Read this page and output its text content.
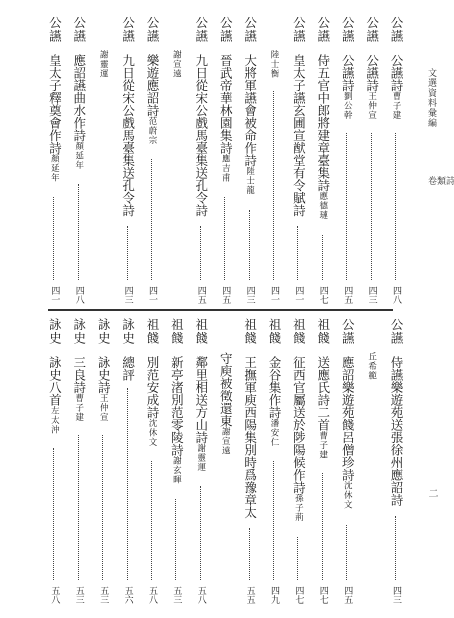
文選資料彙編
詩類卷
二
公讌
公讌詩曹子建
四八
公讌
公讌詩王仲宣
四三
公讌
公讌詩劉公幹
四五
公讌
侍五官中郎將建章臺集詩應德璉
四七
公讌
皇太子讌玄圃宣猷堂有令賦詩
四一
陸士衡
四一
公讌
大將軍讌會被命作詩陸士龍
四三
公讌
晉武帝華林園集詩應吉甫
四五
公讌
九日從宋公戲馬臺集送孔令詩
四五
謝宣遠
公讌
樂遊應詔詩范蔚宗
四一
公讌
九日從宋公戲馬臺集送孔令詩
四三
謝靈運
公讌
應詔讌曲水作詩顏延年
四八
公讌
皇太子釋奠會作詩顏延年
四一
公讌
侍讌樂遊苑送張徐州應詔詩
四三
丘希範
公讌
應詔樂遊苑餞呂僧珍詩沈休文
四五
祖餞
送應氏詩二首曹子建
四七
祖餞
征西官屬送於陟陽候作詩孫子荊
四七
祖餞
金谷集作詩潘安仁
四九
祖餞
王撫軍庾西陽集別時爲豫章太
五五
守庾被徵還東謝宣遠
祖餞
鄰里相送方山詩謝靈運
五八
祖餞
新亭渚別范零陵詩謝玄暉
五三
祖餞
別范安成詩沈休文
五八
詠史
總評
五六
詠史
詠史詩王仲宣
五三
詠史
三良詩曹子建
五三
詠史
詠史八首左太沖
五八
